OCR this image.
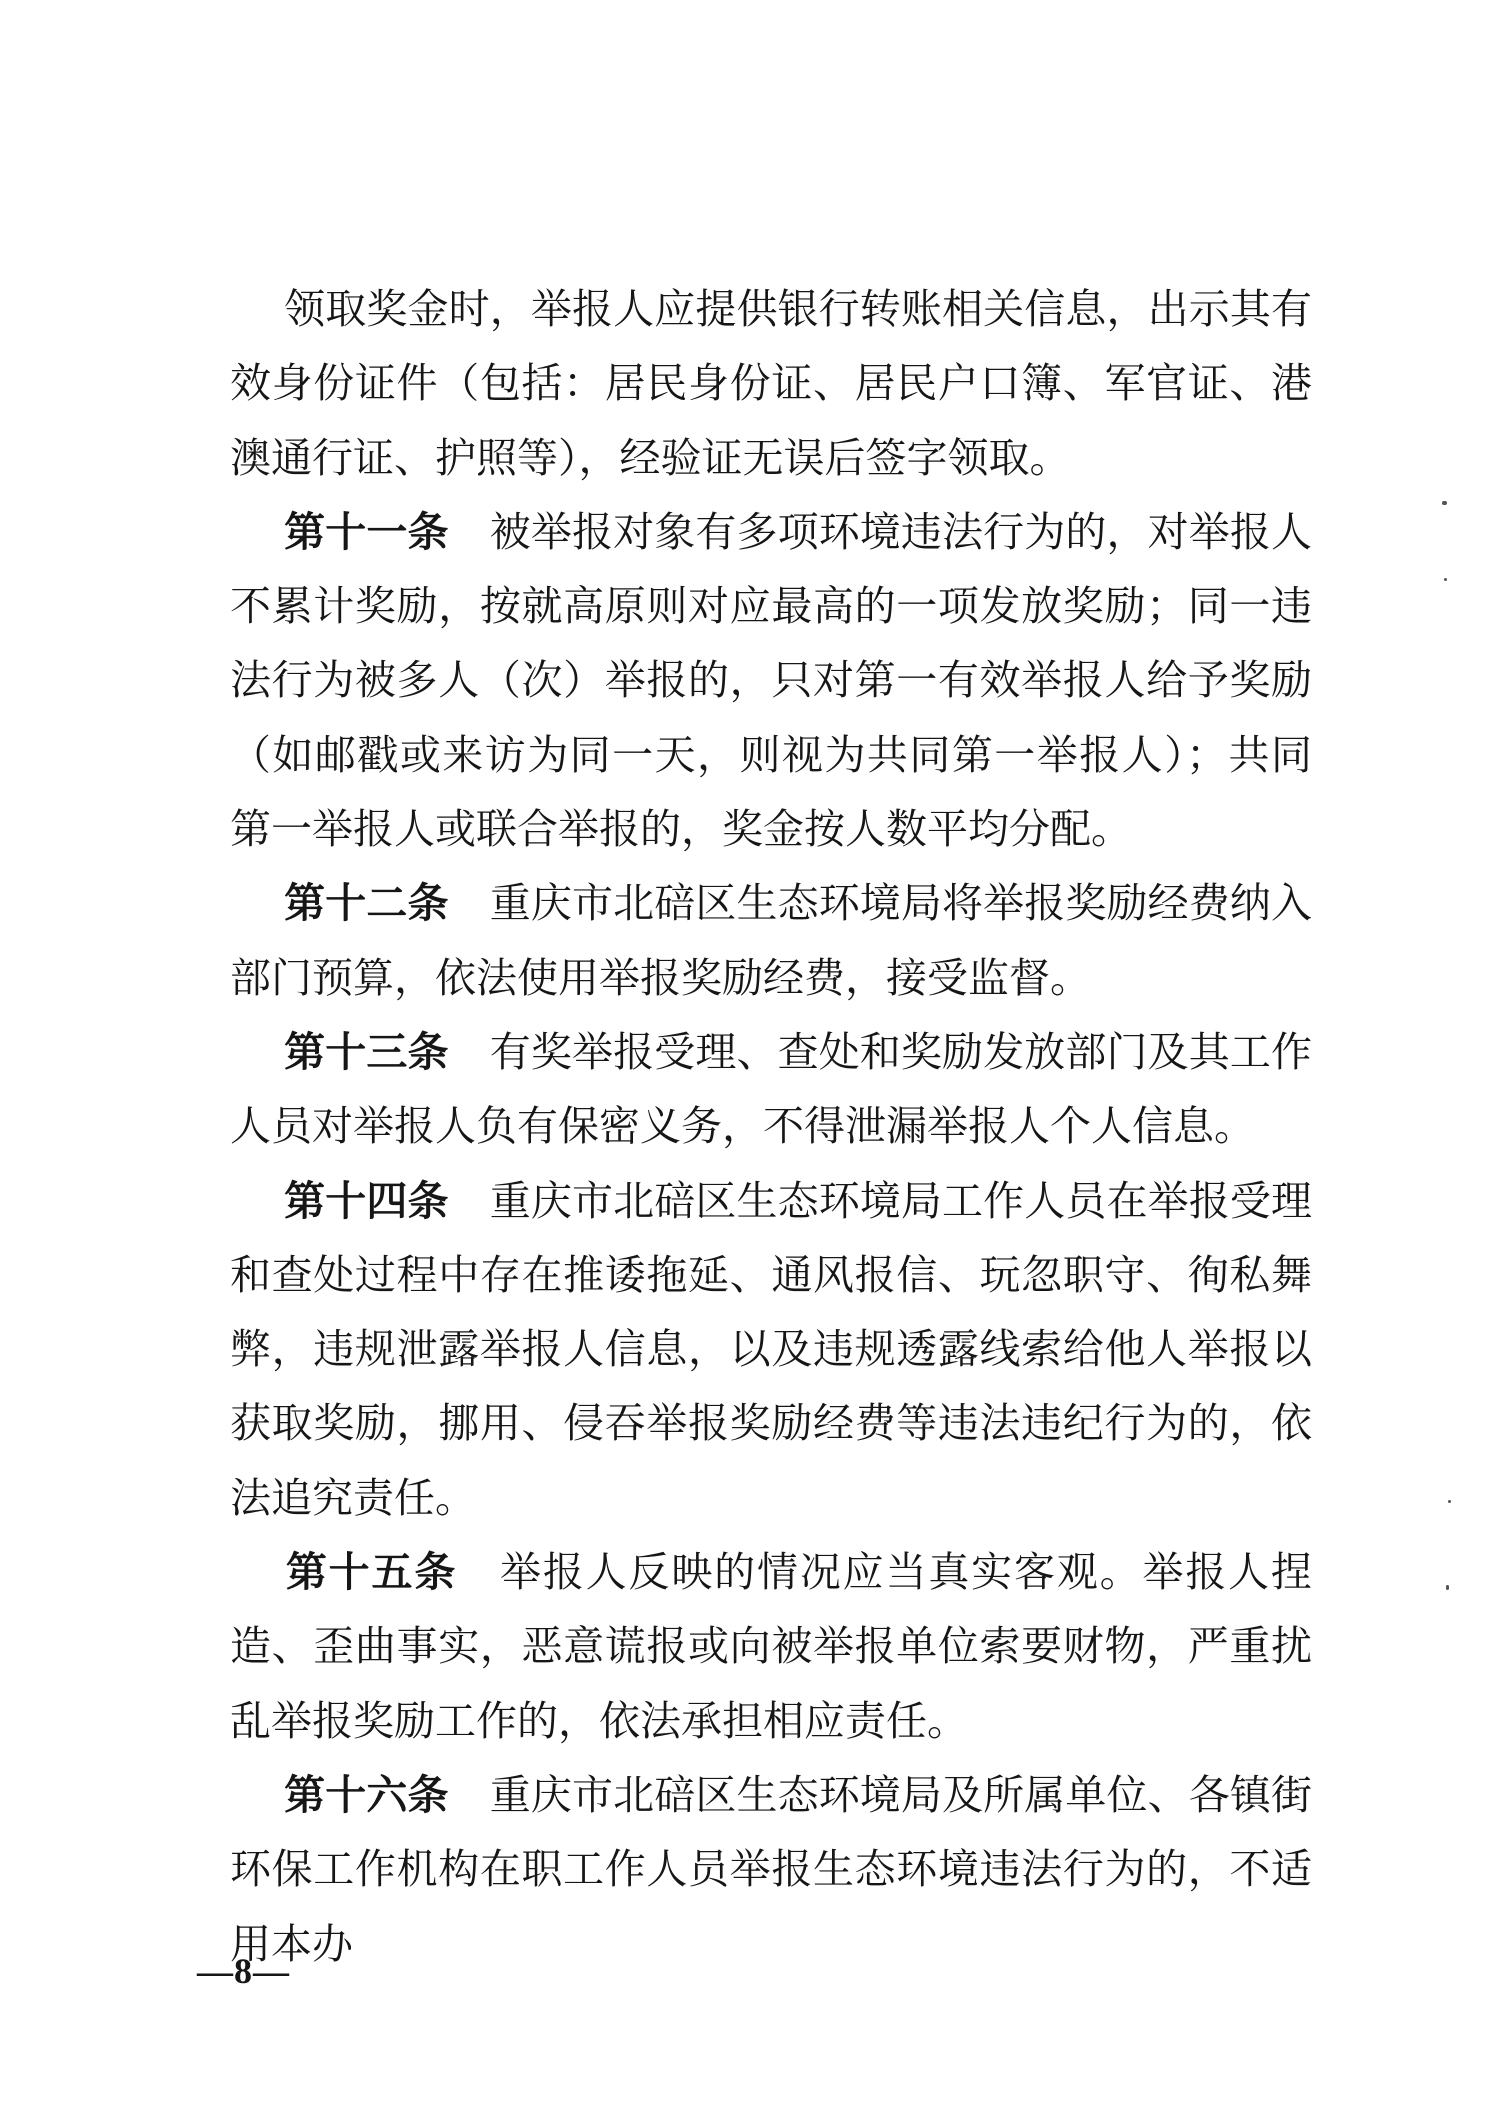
领取奖金时，举报人应提供银行转账相关信息，出示其有效身份证件（包括：居民身份证、居民户口簿、军官证、港澳通行证、护照等），经验证无误后签字领取。

第十一条 被举报对象有多项环境违法行为的，对举报人不累计奖励，按就高原则对应最高的一项发放奖励；同一违法行为被多人（次）举报的，只对第一有效举报人给予奖励（如邮戳或来访为同一天，则视为共同第一举报人）；共同第一举报人或联合举报的，奖金按人数平均分配。

第十二条 重庆市北碚区生态环境局将举报奖励经费纳入部门预算，依法使用举报奖励经费，接受监督。

第十三条 有奖举报受理、查处和奖励发放部门及其工作人员对举报人负有保密义务，不得泄漏举报人个人信息。

第十四条 重庆市北碚区生态环境局工作人员在举报受理和查处过程中存在推诿拖延、通风报信、玩忽职守、徇私舞弊，违规泄露举报人信息，以及违规透露线索给他人举报以获取奖励，挪用、侵吞举报奖励经费等违法违纪行为的，依法追究责任。

第十五条 举报人反映的情况应当真实客观。举报人捏造、歪曲事实，恶意谎报或向被举报单位索要财物，严重扰乱举报奖励工作的，依法承担相应责任。

第十六条 重庆市北碚区生态环境局及所属单位、各镇街环保工作机构在职工作人员举报生态环境违法行为的，不适用本办

—8—
